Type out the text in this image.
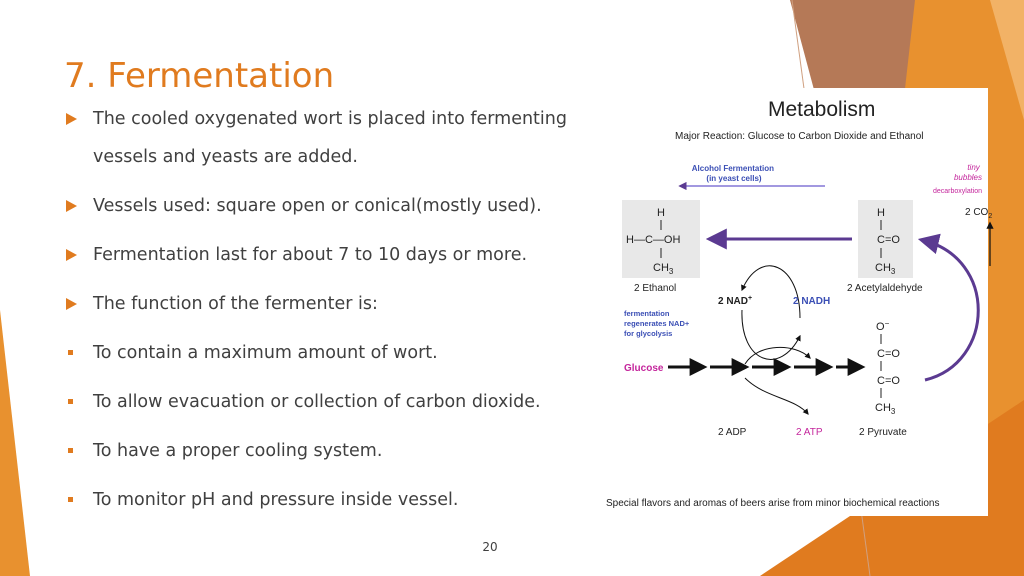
7. Fermentation
The cooled oxygenated wort is placed into fermenting vessels and yeasts are added.
Vessels used: square open or conical(mostly used).
Fermentation last for about 7 to 10 days or more.
The function of the fermenter is:
To contain a maximum amount of wort.
To allow evacuation or collection of carbon dioxide.
To have a proper cooling system.
To monitor pH and pressure inside vessel.
Metabolism
Major Reaction: Glucose to Carbon Dioxide and Ethanol
Alcohol Fermentation (in yeast cells)
tiny bubbles
decarboxylation
2 $CO_2$
H
H—C—OH
$CH_3$
2 Ethanol
H
C=O
$CH_3$
2 Acetylaldehyde
2 NAD+	2 NADH
fermentation regenerates NAD+ for glycolysis
Glucose
2 ADP	2 ATP
O−
C=O
C=O
$CH_3$
2 Pyruvate
Special flavors and aromas of beers arise from minor biochemical reactions
20
